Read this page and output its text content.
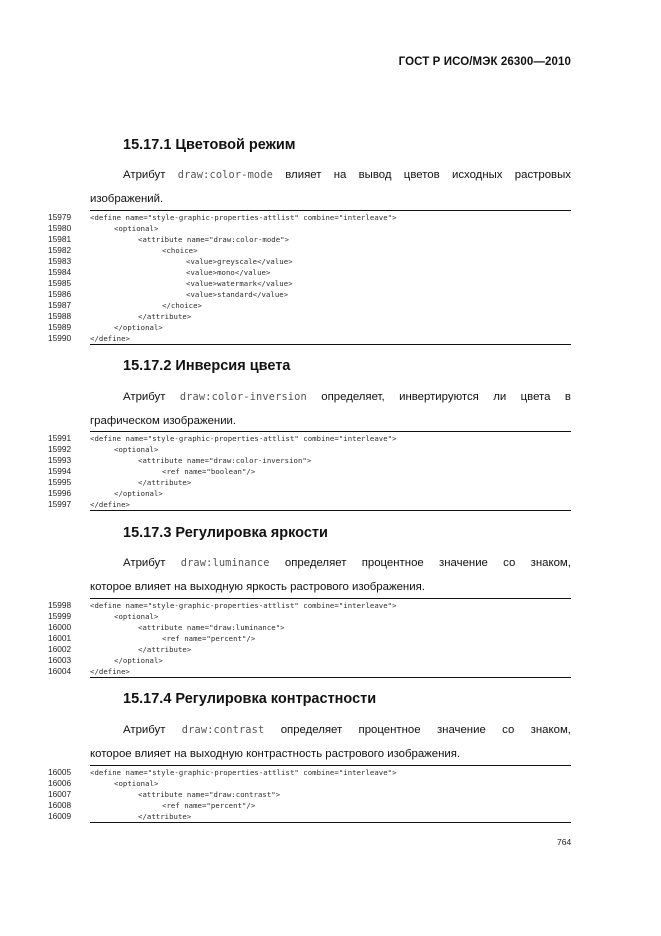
ГОСТ Р ИСО/МЭК 26300—2010
15.17.1 Цветовой режим
Атрибут draw:color-mode влияет на вывод цветов исходных растровых
изображений.
15979	<define name="style-graphic-properties-attlist" combine="interleave">
15980	<optional>
15981	<attribute name="draw:color-mode">
15982	<choice>
15983	<value>greyscale</value>
15984	<value>mono</value>
15985	<value>watermark</value>
15986	<value>standard</value>
15987	</choice>
15988	</attribute>
15989	</optional>
15990	</define>
15.17.2 Инверсия цвета
Атрибут draw:color-inversion определяет, инвертируются ли цвета в
графическом изображении.
15991	<define name="style-graphic-properties-attlist" combine="interleave">
15992	<optional>
15993	<attribute name="draw:color-inversion">
15994	<ref name="boolean"/>
15995	</attribute>
15996	</optional>
15997	</define>
15.17.3 Регулировка яркости
Атрибут draw:luminance определяет процентное значение со знаком,
которое влияет на выходную яркость растрового изображения.
15998	<define name="style-graphic-properties-attlist" combine="interleave">
15999	<optional>
16000	<attribute name="draw:luminance">
16001	<ref name="percent"/>
16002	</attribute>
16003	</optional>
16004	</define>
15.17.4 Регулировка контрастности
Атрибут draw:contrast определяет процентное значение со знаком,
которое влияет на выходную контрастность растрового изображения.
16005	<define name="style-graphic-properties-attlist" combine="interleave">
16006	<optional>
16007	<attribute name="draw:contrast">
16008	<ref name="percent"/>
16009	</attribute>
764
